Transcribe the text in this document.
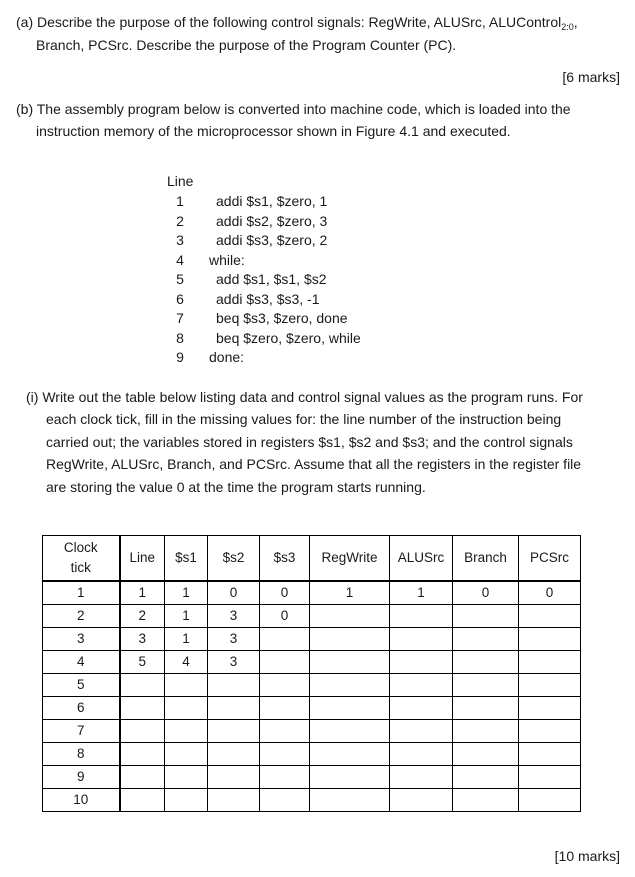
(a) Describe the purpose of the following control signals: RegWrite, ALUSrc, ALUControl$_{2:0}$,
Branch, PCSrc. Describe the purpose of the Program Counter (PC).
[6 marks]
(b) The assembly program below is converted into machine code, which is loaded into the
instruction memory of the microprocessor shown in Figure 4.1 and executed.
Line
1	addi $s1, $zero, 1
2	addi $s2, $zero, 3
3	addi $s3, $zero, 2
4	while:
5	add $s1, $s1, $s2
6	addi $s3, $s3, -1
7	beq $s3, $zero, done
8	beq $zero, $zero, while
9	done:
(i) Write out the table below listing data and control signal values as the program runs. For
each clock tick, fill in the missing values for: the line number of the instruction being
carried out; the variables stored in registers $s1, $s2 and $s3; and the control signals
RegWrite, ALUSrc, Branch, and PCSrc. Assume that all the registers in the register file
are storing the value 0 at the time the program starts running.
Clock
tick	Line	$s1	$s2	$s3	RegWrite	ALUSrc	Branch	PCSrc
1	1	1	0	0	1	1	0	0
2	2	1	3	0				
3	3	1	3					
4	5	4	3					
5								
6								
7								
8								
9								
10								
[10 marks]
